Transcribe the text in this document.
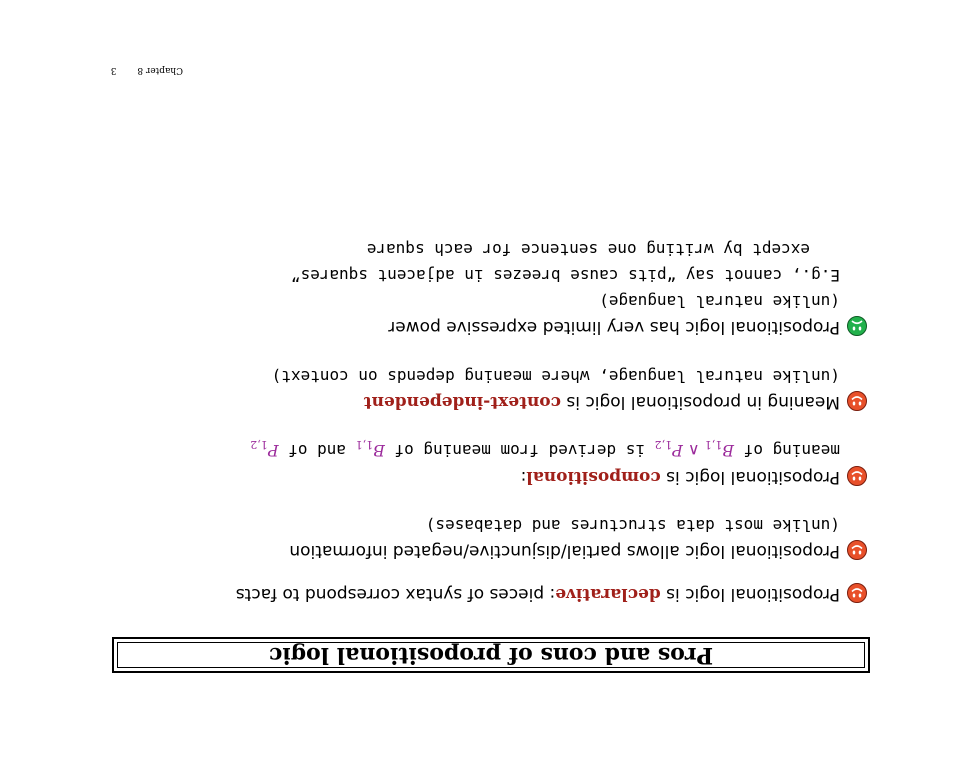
Chapter 8 3
Pros and cons of propositional logic
Propositional logic is declarative: pieces of syntax correspond to facts
Propositional logic allows partial/disjunctive/negated information
(unlike most data structures and databases)
Propositional logic is compositional:
meaning of $B_{1,1}$ ∧ $P_{1,2}$ is derived from meaning of $B_{1,1}$ and of $P_{1,2}$
Meaning in propositional logic is context-independent
(unlike natural language, where meaning depends on context)
Propositional logic has very limited expressive power
(unlike natural language)
E.g., cannot say “pits cause breezes in adjacent squares”
except by writing one sentence for each square
